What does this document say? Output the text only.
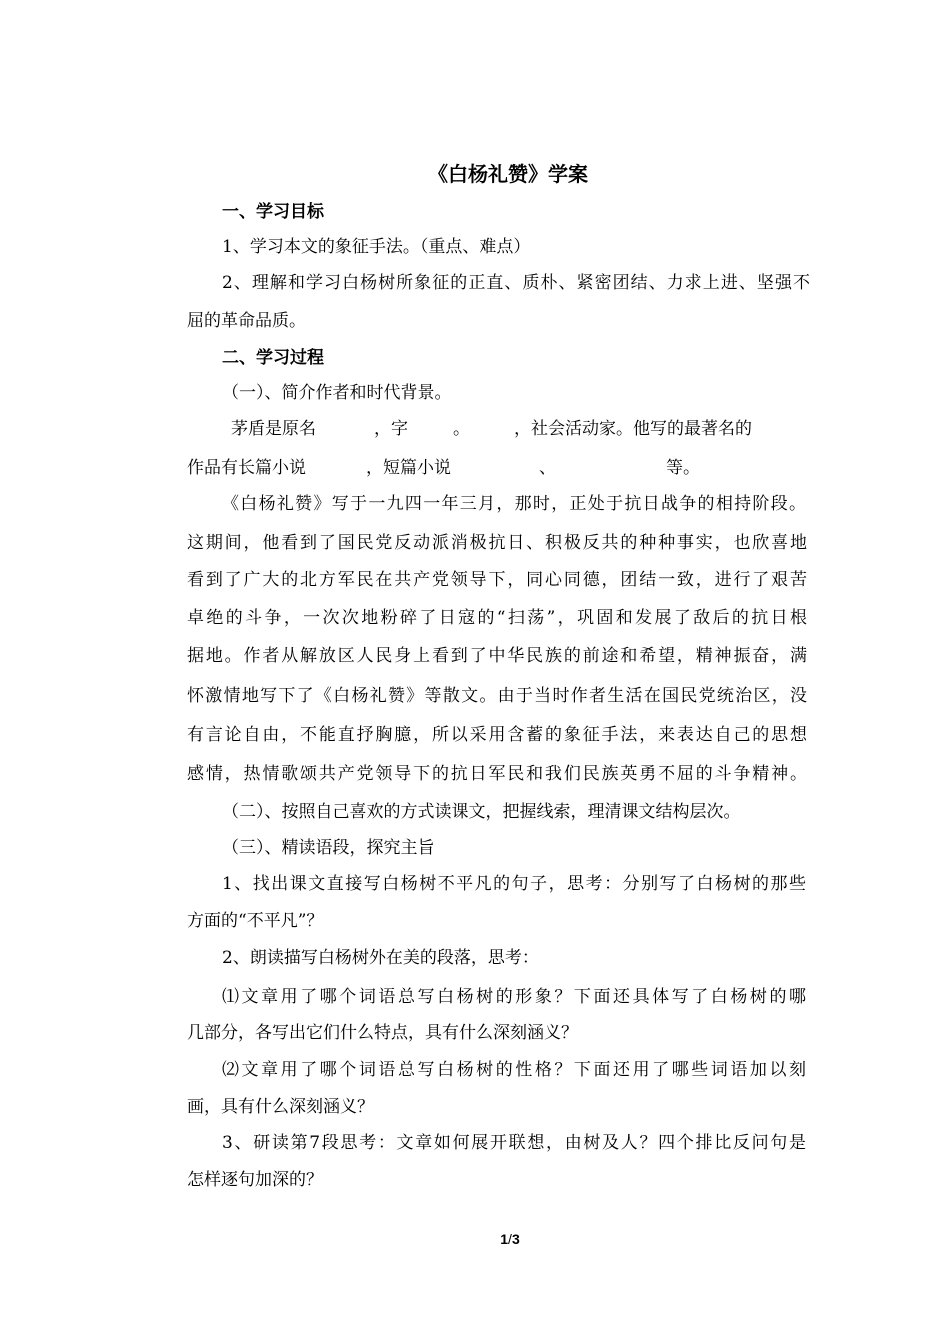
《白杨礼赞》学案
一、学习目标
1、学习本文的象征手法。（重点、难点）
2、理解和学习白杨树所象征的正直、质朴、紧密团结、力求上进、坚强不
屈的革命品质。
二、学习过程
（一）、简介作者和时代背景。
茅盾是原名	，字	。	，社会活动家。他写的最著名的
作品有长篇小说	，短篇小说	、	等。
《白杨礼赞》写于一九四一年三月，那时，正处于抗日战争的相持阶段。
这期间，他看到了国民党反动派消极抗日、积极反共的种种事实，也欣喜地
看到了广大的北方军民在共产党领导下，同心同德，团结一致，进行了艰苦
卓绝的斗争，一次次地粉碎了日寇的“扫荡”，巩固和发展了敌后的抗日根
据地。作者从解放区人民身上看到了中华民族的前途和希望，精神振奋，满
怀激情地写下了《白杨礼赞》等散文。由于当时作者生活在国民党统治区，没
有言论自由，不能直抒胸臆，所以采用含蓄的象征手法，来表达自己的思想
感情，热情歌颂共产党领导下的抗日军民和我们民族英勇不屈的斗争精神。
（二）、按照自己喜欢的方式读课文，把握线索，理清课文结构层次。
（三）、精读语段，探究主旨
1、找出课文直接写白杨树不平凡的句子，思考：分别写了白杨树的那些
方面的“不平凡”？
2、朗读描写白杨树外在美的段落，思考：
⑴文章用了哪个词语总写白杨树的形象？下面还具体写了白杨树的哪
几部分，各写出它们什么特点，具有什么深刻涵义？
⑵文章用了哪个词语总写白杨树的性格？下面还用了哪些词语加以刻
画，具有什么深刻涵义？
3、研读第7段思考：文章如何展开联想，由树及人？四个排比反问句是
怎样逐句加深的？
1/3
